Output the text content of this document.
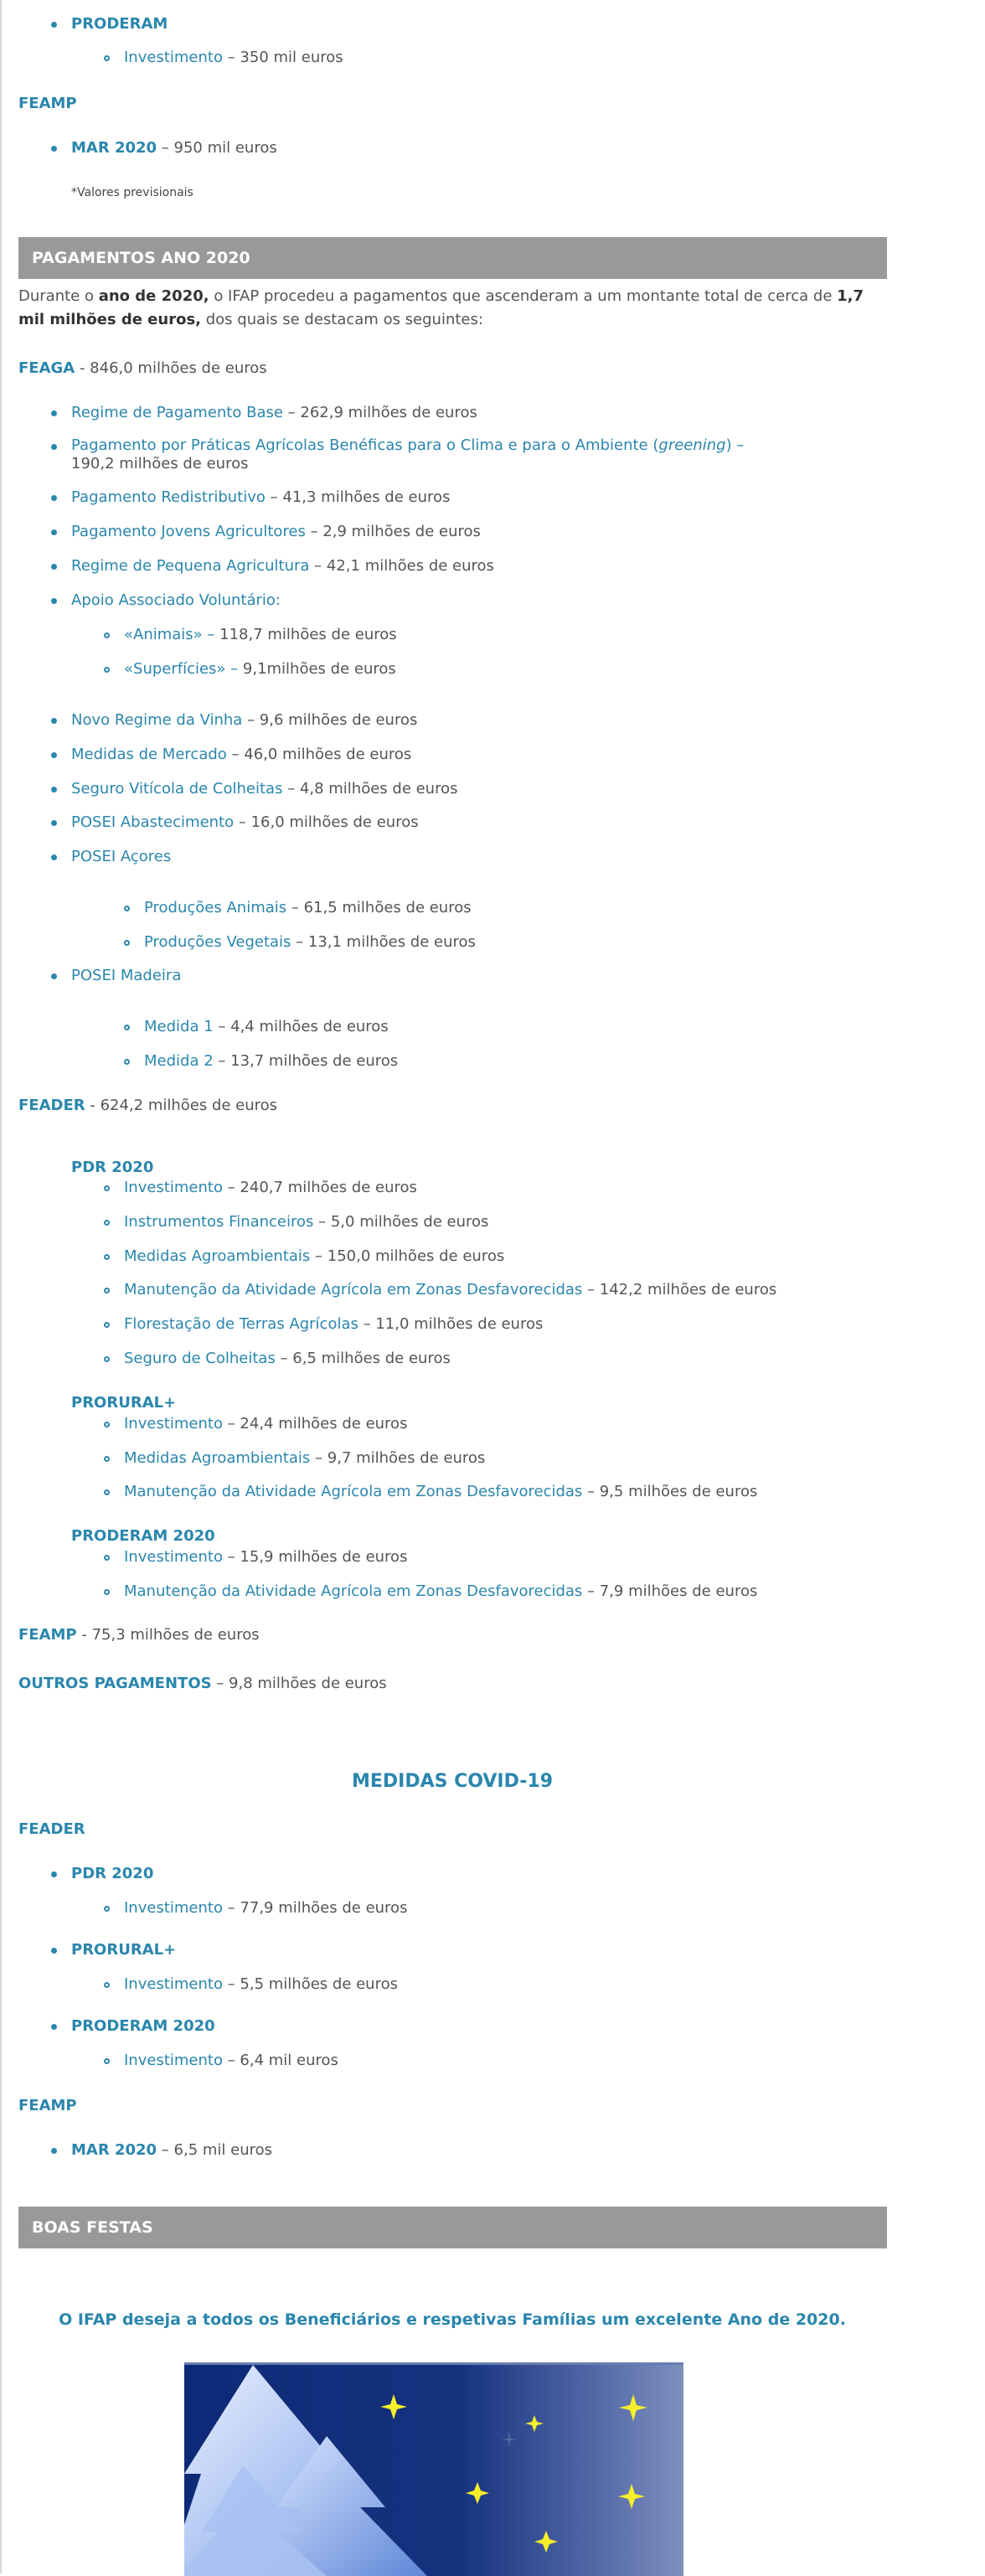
PRODERAM
Investimento – 350 mil euros
FEAMP
MAR 2020 – 950 mil euros
*Valores previsionais
PAGAMENTOS ANO 2020
Durante o ano de 2020, o IFAP procedeu a pagamentos que ascenderam a um montante total de cerca de 1,7 mil milhões de euros, dos quais se destacam os seguintes:
FEAGA - 846,0 milhões de euros
Regime de Pagamento Base – 262,9 milhões de euros
Pagamento por Práticas Agrícolas Benéficas para o Clima e para o Ambiente (greening) –
190,2 milhões de euros
Pagamento Redistributivo – 41,3 milhões de euros
Pagamento Jovens Agricultores – 2,9 milhões de euros
Regime de Pequena Agricultura – 42,1 milhões de euros
Apoio Associado Voluntário:
«Animais» – 118,7 milhões de euros
«Superfícies» – 9,1milhões de euros
Novo Regime da Vinha – 9,6 milhões de euros
Medidas de Mercado – 46,0 milhões de euros
Seguro Vitícola de Colheitas – 4,8 milhões de euros
POSEI Abastecimento – 16,0 milhões de euros
POSEI Açores
Produções Animais – 61,5 milhões de euros
Produções Vegetais – 13,1 milhões de euros
POSEI Madeira
Medida 1 – 4,4 milhões de euros
Medida 2 – 13,7 milhões de euros
FEADER - 624,2 milhões de euros
PDR 2020
Investimento – 240,7 milhões de euros
Instrumentos Financeiros – 5,0 milhões de euros
Medidas Agroambientais – 150,0 milhões de euros
Manutenção da Atividade Agrícola em Zonas Desfavorecidas – 142,2 milhões de euros
Florestação de Terras Agrícolas – 11,0 milhões de euros
Seguro de Colheitas – 6,5 milhões de euros
PRORURAL+
Investimento – 24,4 milhões de euros
Medidas Agroambientais – 9,7 milhões de euros
Manutenção da Atividade Agrícola em Zonas Desfavorecidas – 9,5 milhões de euros
PRODERAM 2020
Investimento – 15,9 milhões de euros
Manutenção da Atividade Agrícola em Zonas Desfavorecidas – 7,9 milhões de euros
FEAMP - 75,3 milhões de euros
OUTROS PAGAMENTOS – 9,8 milhões de euros
MEDIDAS COVID-19
FEADER
PDR 2020
Investimento – 77,9 milhões de euros
PRORURAL+
Investimento – 5,5 milhões de euros
PRODERAM 2020
Investimento – 6,4 mil euros
FEAMP
MAR 2020 – 6,5 mil euros
BOAS FESTAS
O IFAP deseja a todos os Beneficiários e respetivas Famílias um excelente Ano de 2020.
